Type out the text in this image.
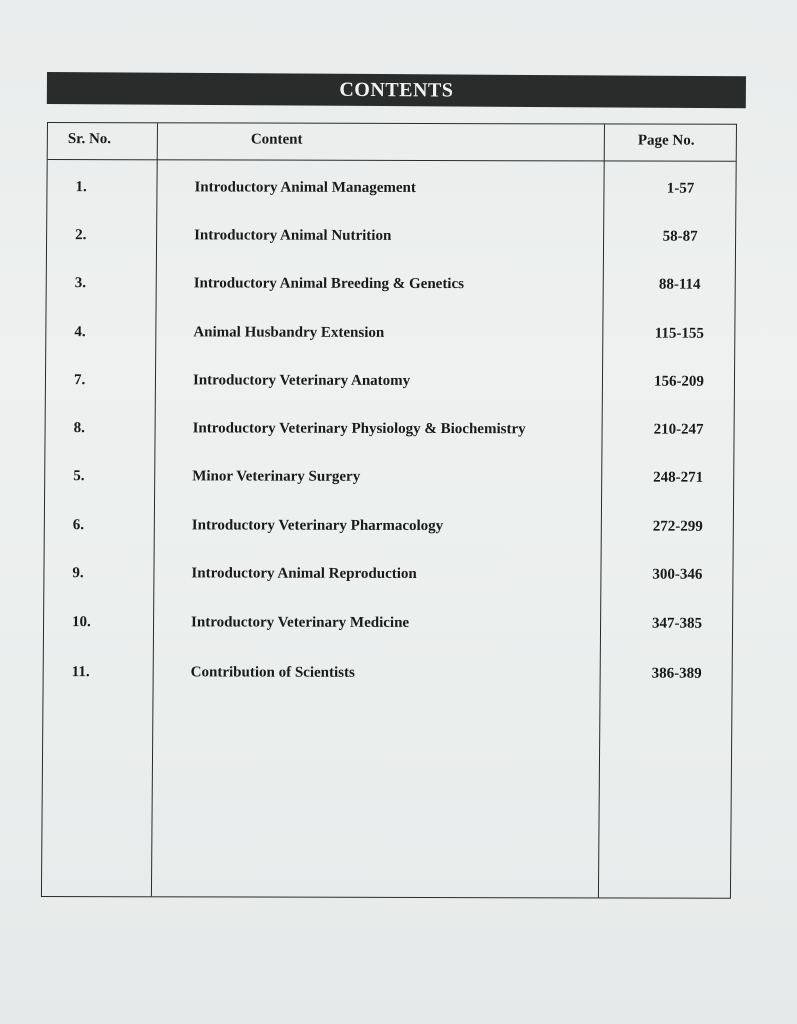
CONTENTS
Sr. No.	Content	Page No.
1.	Introductory Animal Management	1-57
2.	Introductory Animal Nutrition	58-87
3.	Introductory Animal Breeding & Genetics	88-114
4.	Animal Husbandry Extension	115-155
7.	Introductory Veterinary Anatomy	156-209
8.	Introductory Veterinary Physiology & Biochemistry	210-247
5.	Minor Veterinary Surgery	248-271
6.	Introductory Veterinary Pharmacology	272-299
9.	Introductory Animal Reproduction	300-346
10.	Introductory Veterinary Medicine	347-385
11.	Contribution of Scientists	386-389
